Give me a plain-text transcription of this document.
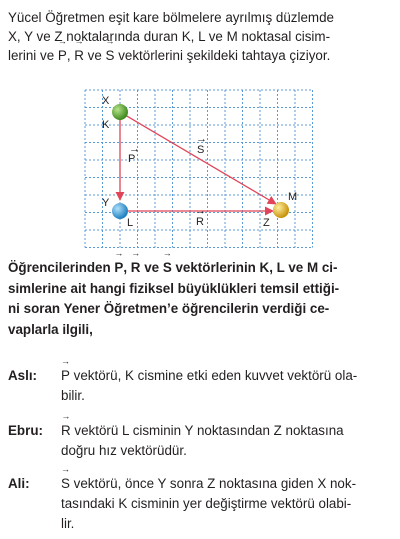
Yücel Öğretmen eşit kare bölmelere ayrılmış düzlemde
X, Y ve Z noktalarında duran K, L ve M noktasal cisim-
lerini ve → P, → R ve → S vektörlerini şekildeki tahtaya çiziyor.
X
K
Y
L	Z
M
→
P
→
R
→
S
Öğrencilerinden → P, → R ve → S vektörlerinin K, L ve M ci-
simlerine ait hangi fiziksel büyüklükleri temsil ettiği-
ni soran Yener Öğretmen’e öğrencilerin verdiği ce-
vaplarla ilgili,
Aslı: → P vektörü, K cismine etki eden kuvvet vektörü ola-
bilir.
Ebru: → R vektörü L cisminin Y noktasından Z noktasına
doğru hız vektörüdür.
Ali: → S vektörü, önce Y sonra Z noktasına giden X nok-
tasındaki K cisminin yer değiştirme vektörü olabi-
lir.
